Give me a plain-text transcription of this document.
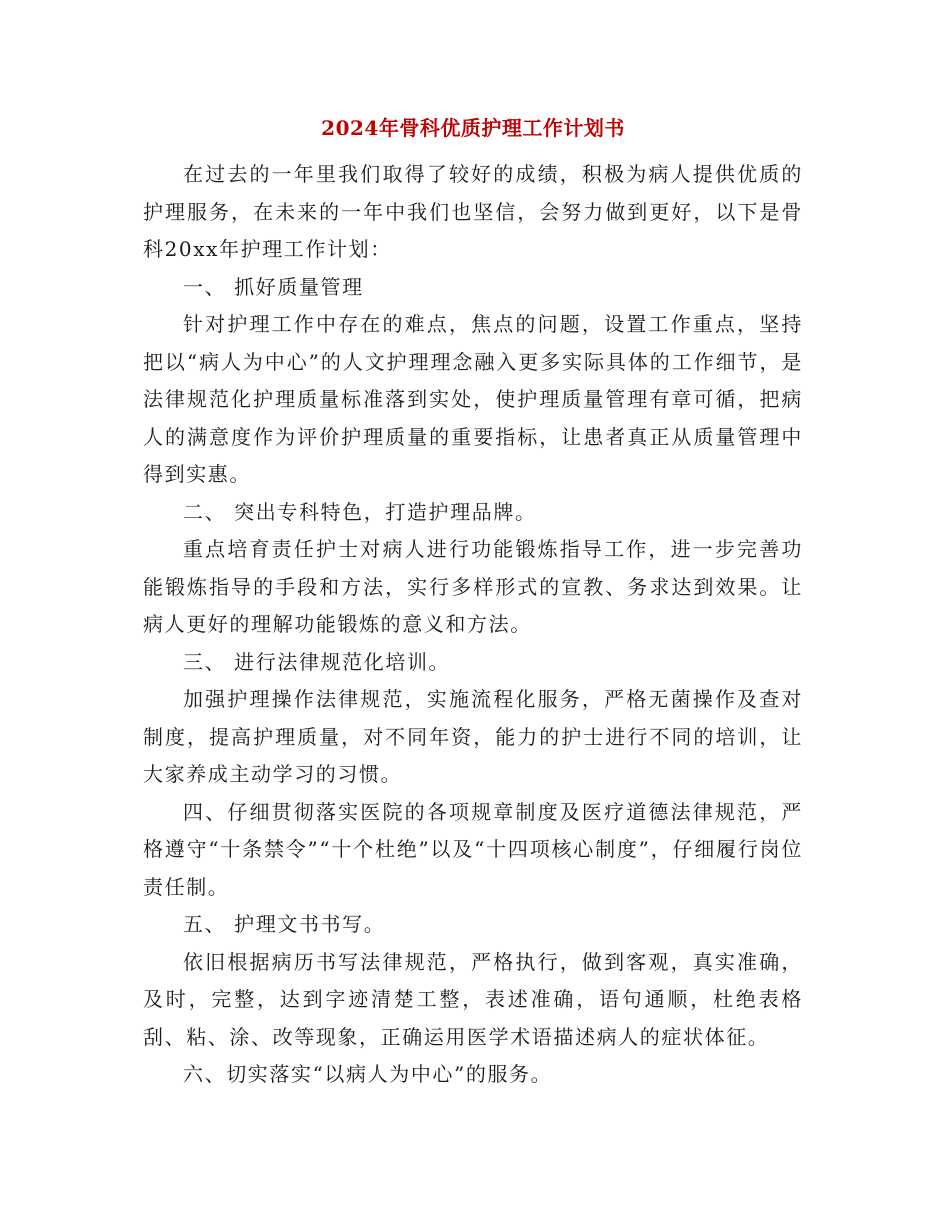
2024年骨科优质护理工作计划书

在过去的一年里我们取得了较好的成绩，积极为病人提供优质的护理服务，在未来的一年中我们也坚信，会努力做到更好，以下是骨科20xx年护理工作计划：

一、 抓好质量管理

针对护理工作中存在的难点，焦点的问题，设置工作重点，坚持把以“病人为中心”的人文护理理念融入更多实际具体的工作细节，是法律规范化护理质量标准落到实处，使护理质量管理有章可循，把病人的满意度作为评价护理质量的重要指标，让患者真正从质量管理中得到实惠。

二、 突出专科特色，打造护理品牌。

重点培育责任护士对病人进行功能锻炼指导工作，进一步完善功能锻炼指导的手段和方法，实行多样形式的宣教、务求达到效果。让病人更好的理解功能锻炼的意义和方法。

三、 进行法律规范化培训。

加强护理操作法律规范，实施流程化服务，严格无菌操作及查对制度，提高护理质量，对不同年资，能力的护士进行不同的培训，让大家养成主动学习的习惯。

四、仔细贯彻落实医院的各项规章制度及医疗道德法律规范，严格遵守“十条禁令”“十个杜绝”以及“十四项核心制度”，仔细履行岗位责任制。

五、 护理文书书写。

依旧根据病历书写法律规范，严格执行，做到客观，真实准确，及时，完整，达到字迹清楚工整，表述准确，语句通顺，杜绝表格刮、粘、涂、改等现象，正确运用医学术语描述病人的症状体征。

六、切实落实“以病人为中心”的服务。
